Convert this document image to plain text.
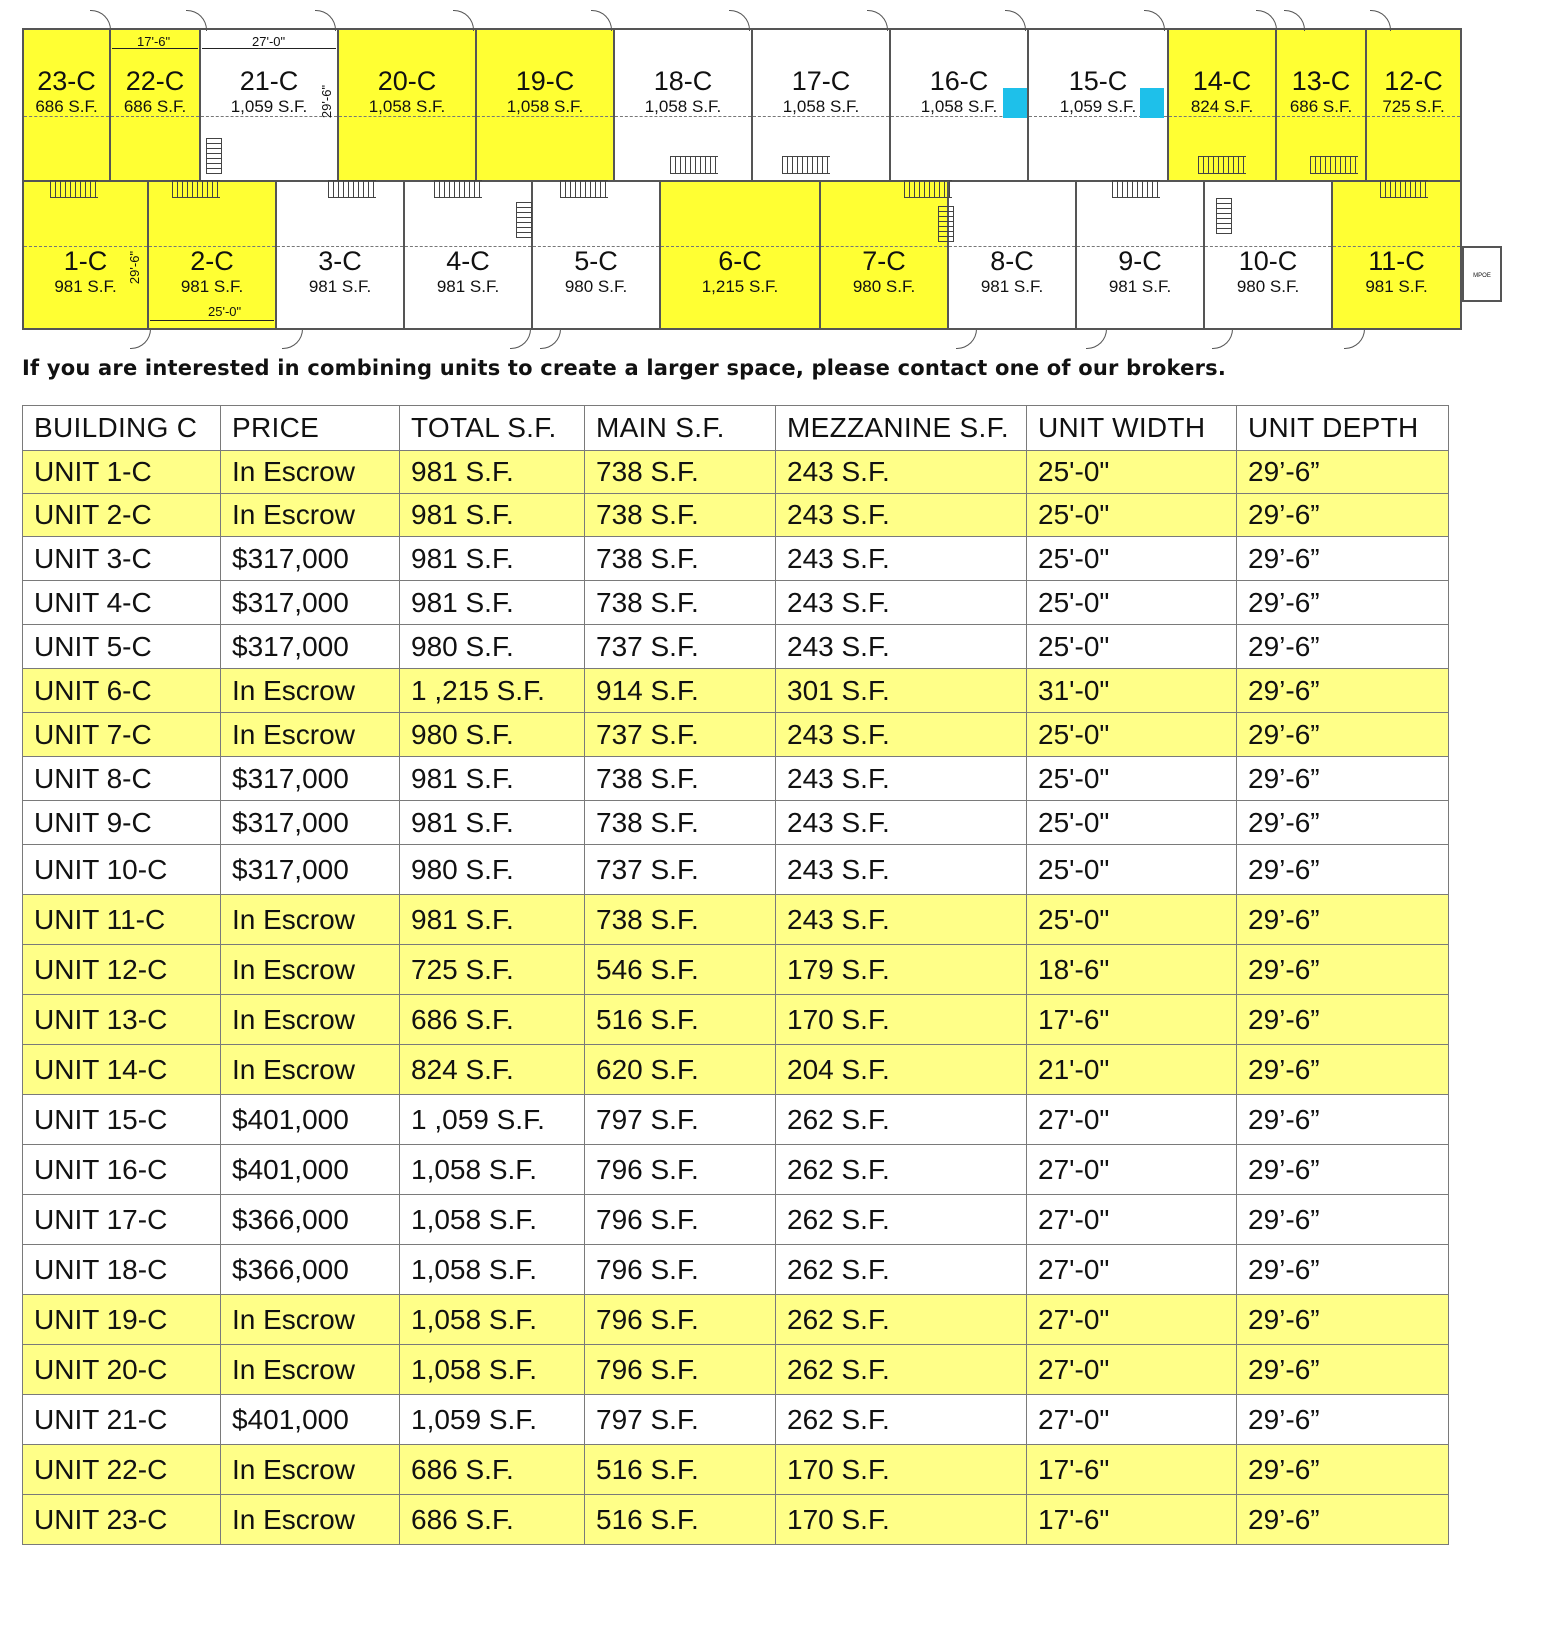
23-C
686 S.F.
22-C
686 S.F.
21-C
1,059 S.F.
20-C
1,058 S.F.
19-C
1,058 S.F.
18-C
1,058 S.F.
17-C
1,058 S.F.
16-C
1,058 S.F.
15-C
1,059 S.F.
14-C
824 S.F.
13-C
686 S.F.
12-C
725 S.F.
1-C
981 S.F.
2-C
981 S.F.
3-C
981 S.F.
4-C
981 S.F.
5-C
980 S.F.
6-C
1,215 S.F.
7-C
980 S.F.
8-C
981 S.F.
9-C
981 S.F.
10-C
980 S.F.
11-C
981 S.F.
17'-6"	27'-0"
29'-6"
29'-6"
25'-0"
MPOE
If you are interested in combining units to create a larger space, please contact one of our brokers.
BUILDING C	PRICE	TOTAL S.F.	MAIN S.F.	MEZZANINE S.F.	UNIT WIDTH	UNIT DEPTH
UNIT 1-C	In Escrow	981 S.F.	738 S.F.	243 S.F.	25'-0"	29’-6”
UNIT 2-C	In Escrow	981 S.F.	738 S.F.	243 S.F.	25'-0"	29’-6”
UNIT 3-C	$317,000	981 S.F.	738 S.F.	243 S.F.	25'-0"	29’-6”
UNIT 4-C	$317,000	981 S.F.	738 S.F.	243 S.F.	25'-0"	29’-6”
UNIT 5-C	$317,000	980 S.F.	737 S.F.	243 S.F.	25'-0"	29’-6”
UNIT 6-C	In Escrow	1 ,215 S.F.	914 S.F.	301 S.F.	31'-0"	29’-6”
UNIT 7-C	In Escrow	980 S.F.	737 S.F.	243 S.F.	25'-0"	29’-6”
UNIT 8-C	$317,000	981 S.F.	738 S.F.	243 S.F.	25'-0"	29’-6”
UNIT 9-C	$317,000	981 S.F.	738 S.F.	243 S.F.	25'-0"	29’-6”
UNIT 10-C	$317,000	980 S.F.	737 S.F.	243 S.F.	25'-0"	29’-6”
UNIT 11-C	In Escrow	981 S.F.	738 S.F.	243 S.F.	25'-0"	29’-6”
UNIT 12-C	In Escrow	725 S.F.	546 S.F.	179 S.F.	18'-6"	29’-6”
UNIT 13-C	In Escrow	686 S.F.	516 S.F.	170 S.F.	17'-6"	29’-6”
UNIT 14-C	In Escrow	824 S.F.	620 S.F.	204 S.F.	21'-0"	29’-6”
UNIT 15-C	$401,000	1 ,059 S.F.	797 S.F.	262 S.F.	27'-0"	29’-6”
UNIT 16-C	$401,000	1,058 S.F.	796 S.F.	262 S.F.	27'-0"	29’-6”
UNIT 17-C	$366,000	1,058 S.F.	796 S.F.	262 S.F.	27'-0"	29’-6”
UNIT 18-C	$366,000	1,058 S.F.	796 S.F.	262 S.F.	27'-0"	29’-6”
UNIT 19-C	In Escrow	1,058 S.F.	796 S.F.	262 S.F.	27'-0"	29’-6”
UNIT 20-C	In Escrow	1,058 S.F.	796 S.F.	262 S.F.	27'-0"	29’-6”
UNIT 21-C	$401,000	1,059 S.F.	797 S.F.	262 S.F.	27'-0"	29’-6”
UNIT 22-C	In Escrow	686 S.F.	516 S.F.	170 S.F.	17'-6"	29’-6”
UNIT 23-C	In Escrow	686 S.F.	516 S.F.	170 S.F.	17'-6"	29’-6”
